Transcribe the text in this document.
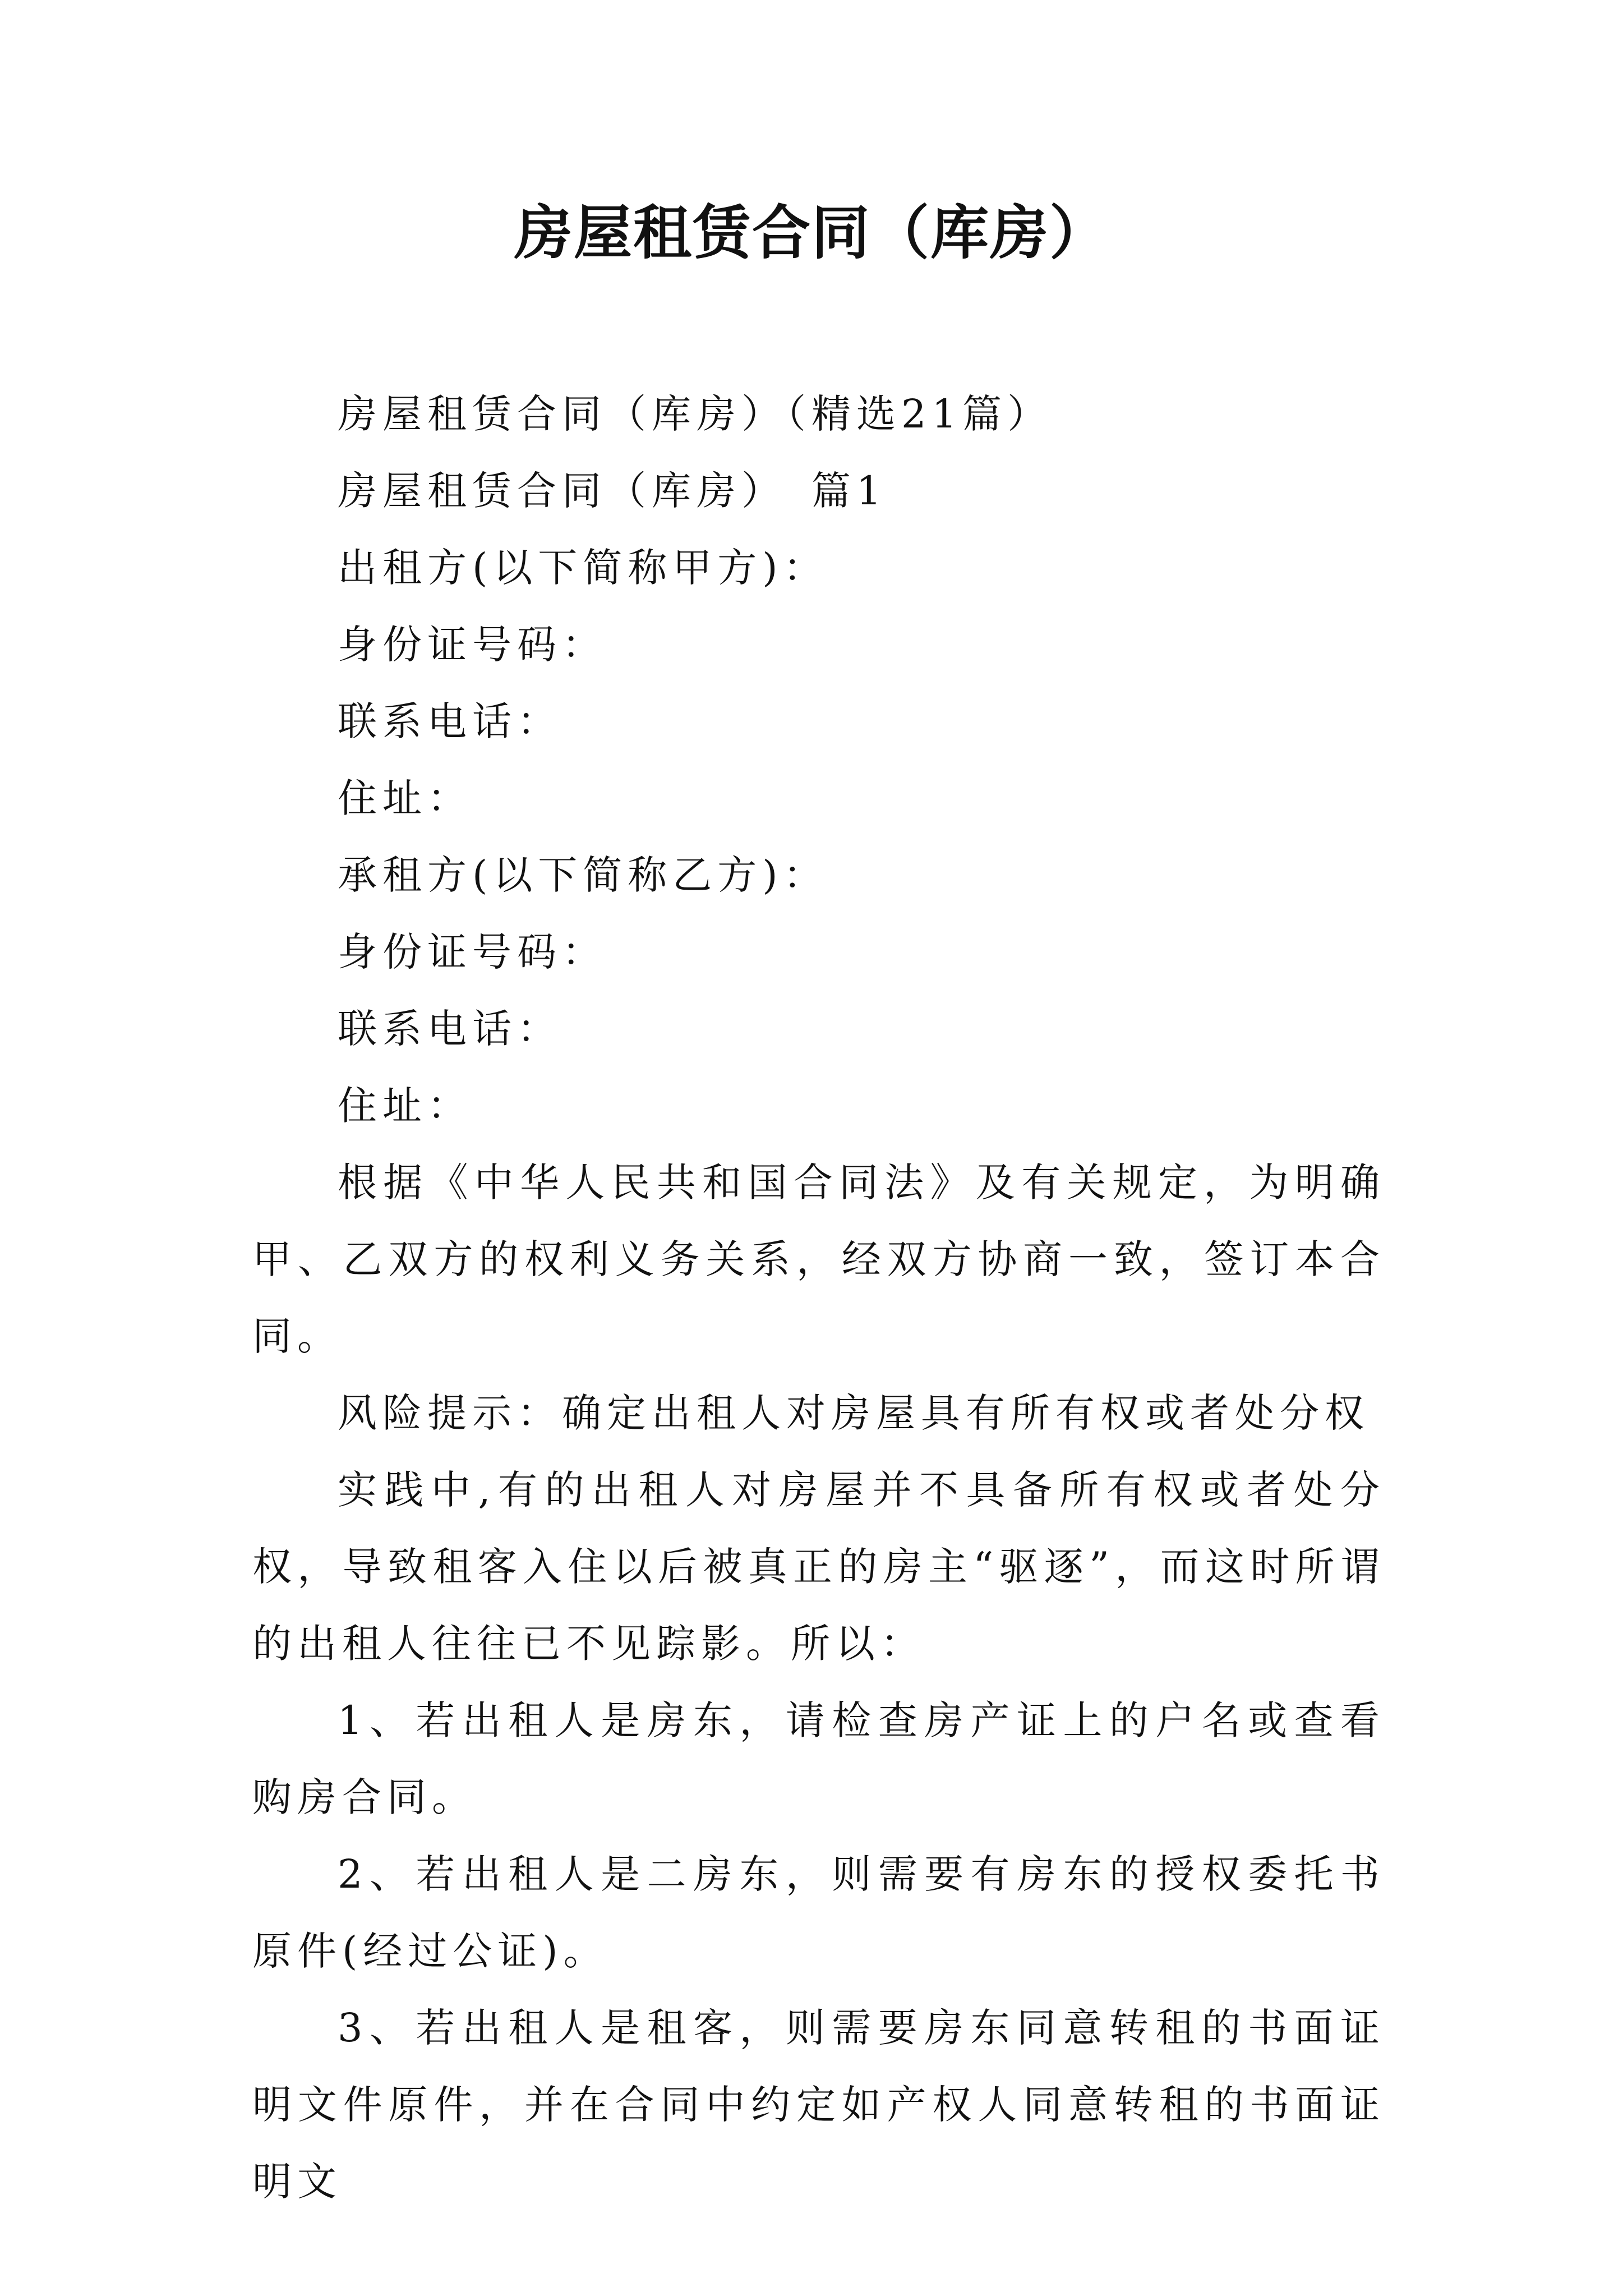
房屋租赁合同（库房）

房屋租赁合同（库房）（精选21篇）

房屋租赁合同（库房）　篇1

出租方(以下简称甲方)：

身份证号码：

联系电话：

住址：

承租方(以下简称乙方)：

身份证号码：

联系电话：

住址：

根据《中华人民共和国合同法》及有关规定，为明确甲、乙双方的权利义务关系，经双方协商一致，签订本合同。

风险提示：确定出租人对房屋具有所有权或者处分权

实践中,有的出租人对房屋并不具备所有权或者处分权，导致租客入住以后被真正的房主“驱逐”，而这时所谓的出租人往往已不见踪影。所以：

1、若出租人是房东，请检查房产证上的户名或查看购房合同。

2、若出租人是二房东，则需要有房东的授权委托书原件(经过公证)。

3、若出租人是租客，则需要房东同意转租的书面证明文件原件，并在合同中约定如产权人同意转租的书面证明文
